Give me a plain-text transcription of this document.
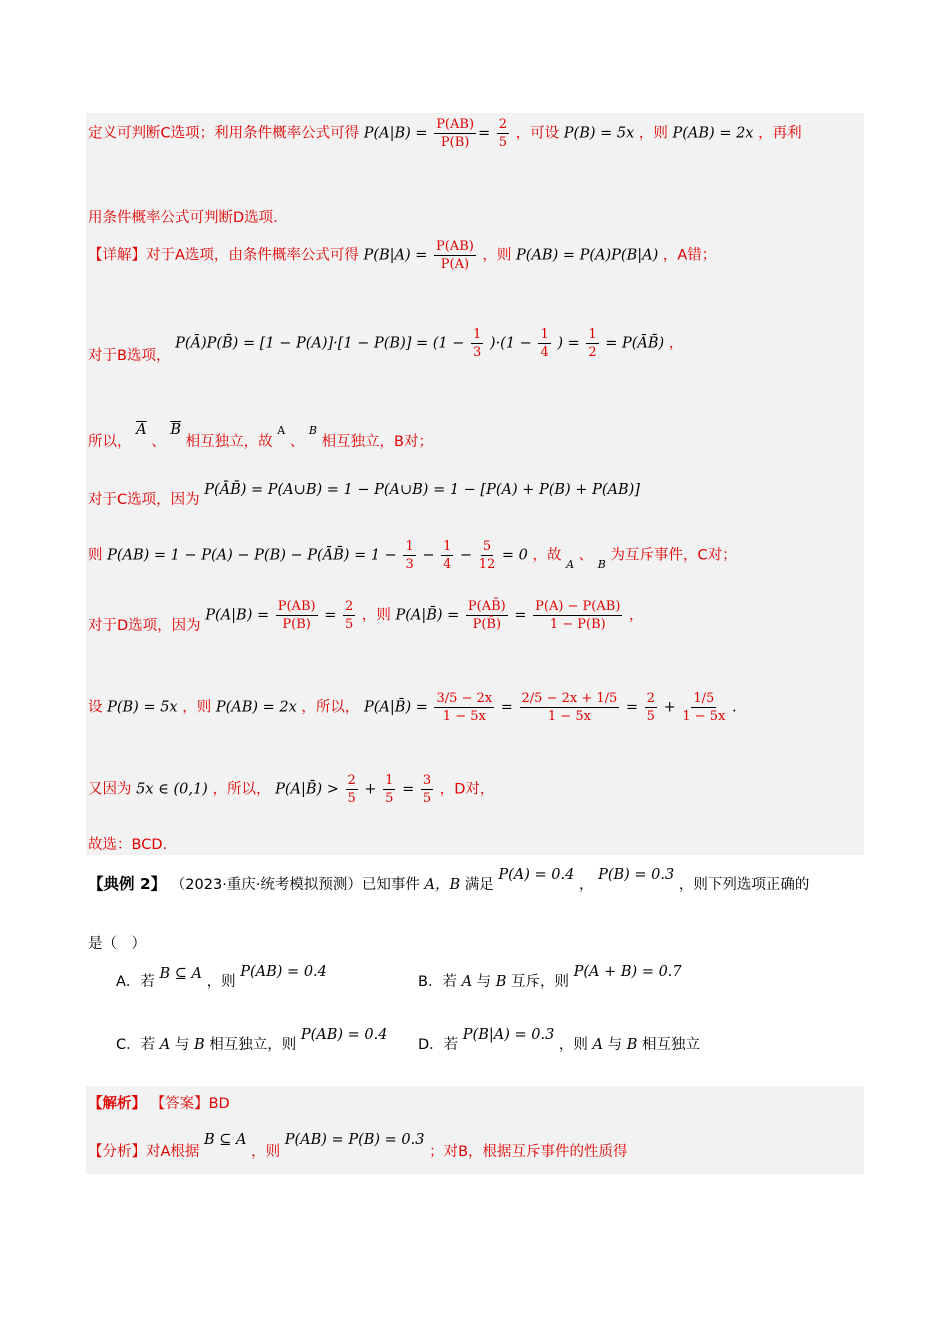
定义可判断C选项；利用条件概率公式可得 $P(A|B) = \frac{P(AB)}{P(B)} = \frac{2}{5}$ ，可设 P(B) = 5x ，则 P(AB) = 2x ，再利
用条件概率公式可判断D选项.
【详解】对于A选项，由条件概率公式可得 $P(B|A) = \frac{P(AB)}{P(A)}$ ，则 P(AB) = P(A)P(B|A) ，A错；
对于B选项， P(Ā)P(B̄) = $[1 - P(A)]\cdot[1 - P(B)] = (1 - \frac{1}{3} )\cdot(1 - \frac{1}{4}$ ) = $\frac{1}{2}$ = P(ĀB̄) ，
所以， $\overline{A}$ 、 $\overline{B}$ 相互独立，故 A 、 B 相互独立，B对；
对于C选项，因为 P(ĀB̄) = P(A∪B) = 1 − P(A∪B) = 1 − [P(A) + P(B) + P(AB)]
则 P(AB) = 1 − P(A) − P(B) − P(ĀB̄) = $1 - \frac{1}{3} - \frac{1}{4} - \frac{5}{12} = 0$ ，故 $_A$ 、 $_B$ 为互斥事件，C对；
对于D选项，因为 $P(A|B) = \frac{P(AB)}{P(B)} = \frac{2}{5}$ ，则 P(A|B̄) = $\frac{P(AB̄)}{P(B̄)} = \frac{P(A) - P(AB)}{1 - P(B)}$ ，
设 P(B) = 5x ，则 P(AB) = 2x ，所以， P(A|B̄) = $\frac{3/5 - 2x}{1 - 5x} = \frac{2/5 - 2x + 1/5}{1 - 5x} = \frac{2}{5} + \frac{1/5}{1 - 5x}$ .
又因为 5x ∈ (0,1) ，所以， P(A|B̄) > $\frac{2}{5} + \frac{1}{5} = \frac{3}{5}$ ，D对，
故选：BCD.
【典例 2】 （2023·重庆·统考模拟预测）已知事件 A，B 满足 P(A) = 0.4 ， P(B) = 0.3 ，则下列选项正确的
是（　）
A．若 B ⊆ A ，则 P(AB) = 0.4
B．若 A 与 B 互斥，则 P(A + B) = 0.7
C．若 A 与 B 相互独立，则 P(AB) = 0.4
D．若 P(B|A) = 0.3 ，则 A 与 B 相互独立
【解析】 【答案】BD
【分析】对A根据 B ⊆ A ，则 P(AB) = P(B) = 0.3 ；对B，根据互斥事件的性质得
